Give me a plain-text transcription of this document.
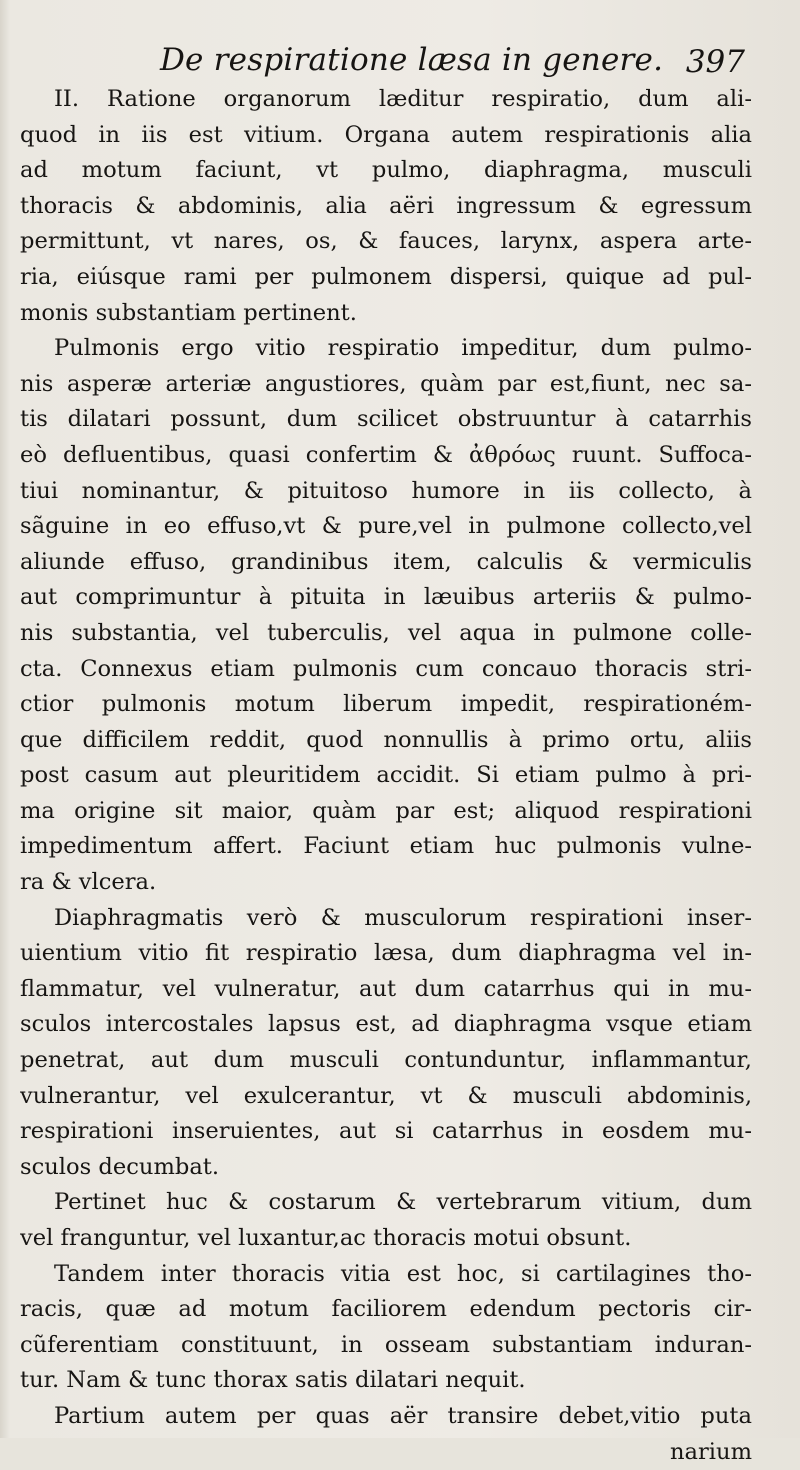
De respiratione læsa in genere. 397
II. Ratione organorum læditur respiratio, dum ali-
quod in iis est vitium. Organa autem respirationis alia
ad motum faciunt, vt pulmo, diaphragma, musculi
thoracis & abdominis, alia aëri ingressum & egressum
permittunt, vt nares, os, & fauces, larynx, aspera arte-
ria, eiúsque rami per pulmonem dispersi, quique ad pul-
monis substantiam pertinent.
Pulmonis ergo vitio respiratio impeditur, dum pulmo-
nis asperæ arteriæ angustiores, quàm par est,fiunt, nec sa-
tis dilatari possunt, dum scilicet obstruuntur à catarrhis
eò defluentibus, quasi confertim & ἀθρόως ruunt. Suffoca-
tiui nominantur, & pituitoso humore in iis collecto, à
sãguine in eo effuso,vt & pure,vel in pulmone collecto,vel
aliunde effuso, grandinibus item, calculis & vermiculis
aut comprimuntur à pituita in læuibus arteriis & pulmo-
nis substantia, vel tuberculis, vel aqua in pulmone colle-
cta. Connexus etiam pulmonis cum concauo thoracis stri-
ctior pulmonis motum liberum impedit, respirationém-
que difficilem reddit, quod nonnullis à primo ortu, aliis
post casum aut pleuritidem accidit. Si etiam pulmo à pri-
ma origine sit maior, quàm par est; aliquod respirationi
impedimentum affert. Faciunt etiam huc pulmonis vulne-
ra & vlcera.
Diaphragmatis verò & musculorum respirationi inser-
uientium vitio fit respiratio læsa, dum diaphragma vel in-
flammatur, vel vulneratur, aut dum catarrhus qui in mu-
sculos intercostales lapsus est, ad diaphragma vsque etiam
penetrat, aut dum musculi contunduntur, inflammantur,
vulnerantur, vel exulcerantur, vt & musculi abdominis,
respirationi inseruientes, aut si catarrhus in eosdem mu-
sculos decumbat.
Pertinet huc & costarum & vertebrarum vitium, dum
vel franguntur, vel luxantur,ac thoracis motui obsunt.
Tandem inter thoracis vitia est hoc, si cartilagines tho-
racis, quæ ad motum faciliorem edendum pectoris cir-
cũferentiam constituunt, in osseam substantiam induran-
tur. Nam & tunc thorax satis dilatari nequit.
Partium autem per quas aër transire debet,vitio puta
narium
